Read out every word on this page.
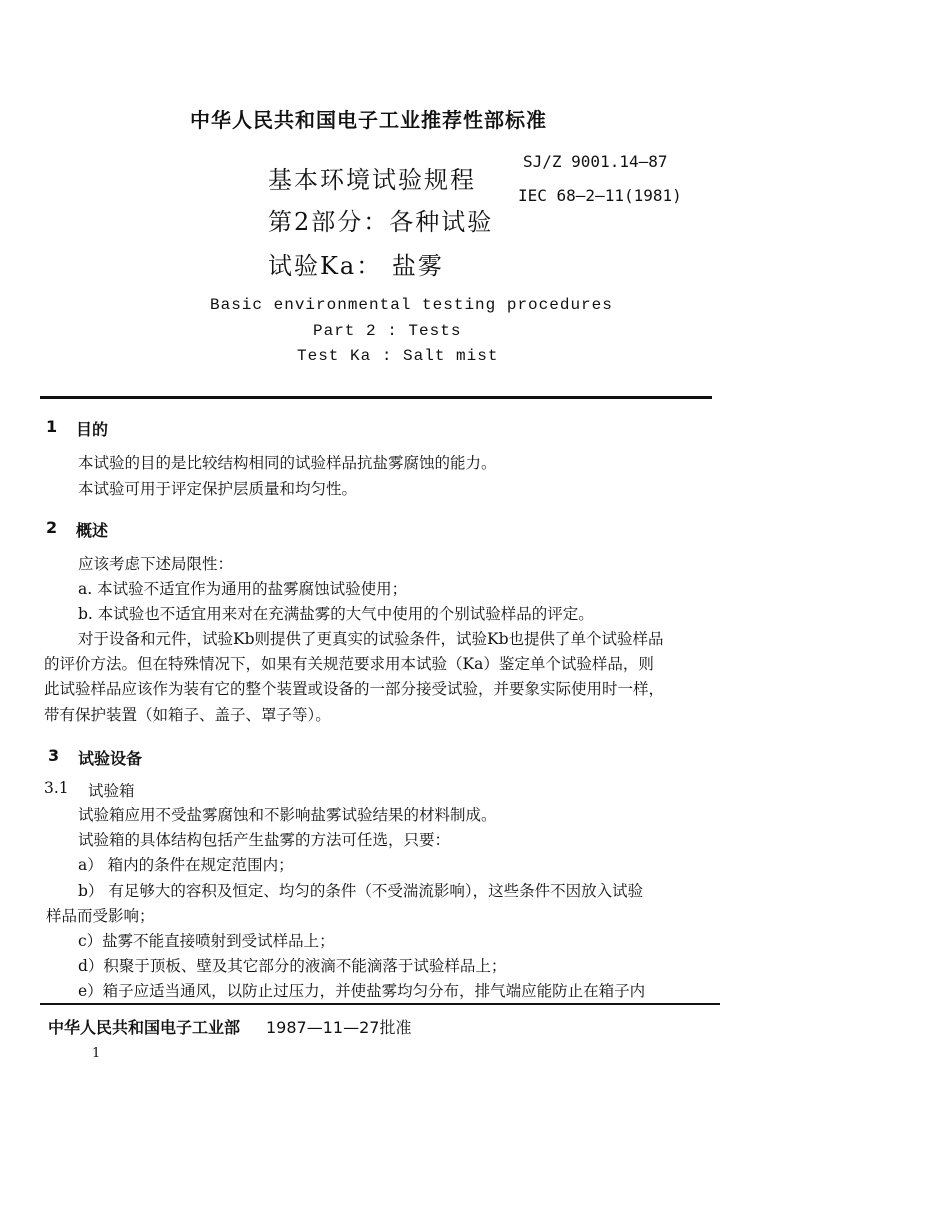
中华人民共和国电子工业推荐性部标准
基本环境试验规程
第2部分：各种试验
试验Ka： 盐雾
SJ/Z 9001.14—87
IEC 68—2—11(1981)
Basic environmental testing procedures
Part 2 : Tests
Test Ka : Salt mist
1 目的
本试验的目的是比较结构相同的试验样品抗盐雾腐蚀的能力。
本试验可用于评定保护层质量和均匀性。
2 概述
应该考虑下述局限性：
a. 本试验不适宜作为通用的盐雾腐蚀试验使用；
b. 本试验也不适宜用来对在充满盐雾的大气中使用的个别试验样品的评定。
对于设备和元件，试验Kb则提供了更真实的试验条件，试验Kb也提供了单个试验样品
的评价方法。但在特殊情况下，如果有关规范要求用本试验（Ka）鉴定单个试验样品，则
此试验样品应该作为装有它的整个装置或设备的一部分接受试验，并要象实际使用时一样，
带有保护装置（如箱子、盖子、罩子等）。
3 试验设备
3.1 试验箱
试验箱应用不受盐雾腐蚀和不影响盐雾试验结果的材料制成。
试验箱的具体结构包括产生盐雾的方法可任选，只要：
a） 箱内的条件在规定范围内；
b） 有足够大的容积及恒定、均匀的条件（不受湍流影响），这些条件不因放入试验
样品而受影响；
c）盐雾不能直接喷射到受试样品上；
d）积聚于顶板、壁及其它部分的液滴不能滴落于试验样品上；
e）箱子应适当通风，以防止过压力，并使盐雾均匀分布，排气端应能防止在箱子内
中华人民共和国电子工业部 1987—11—27批准
1
